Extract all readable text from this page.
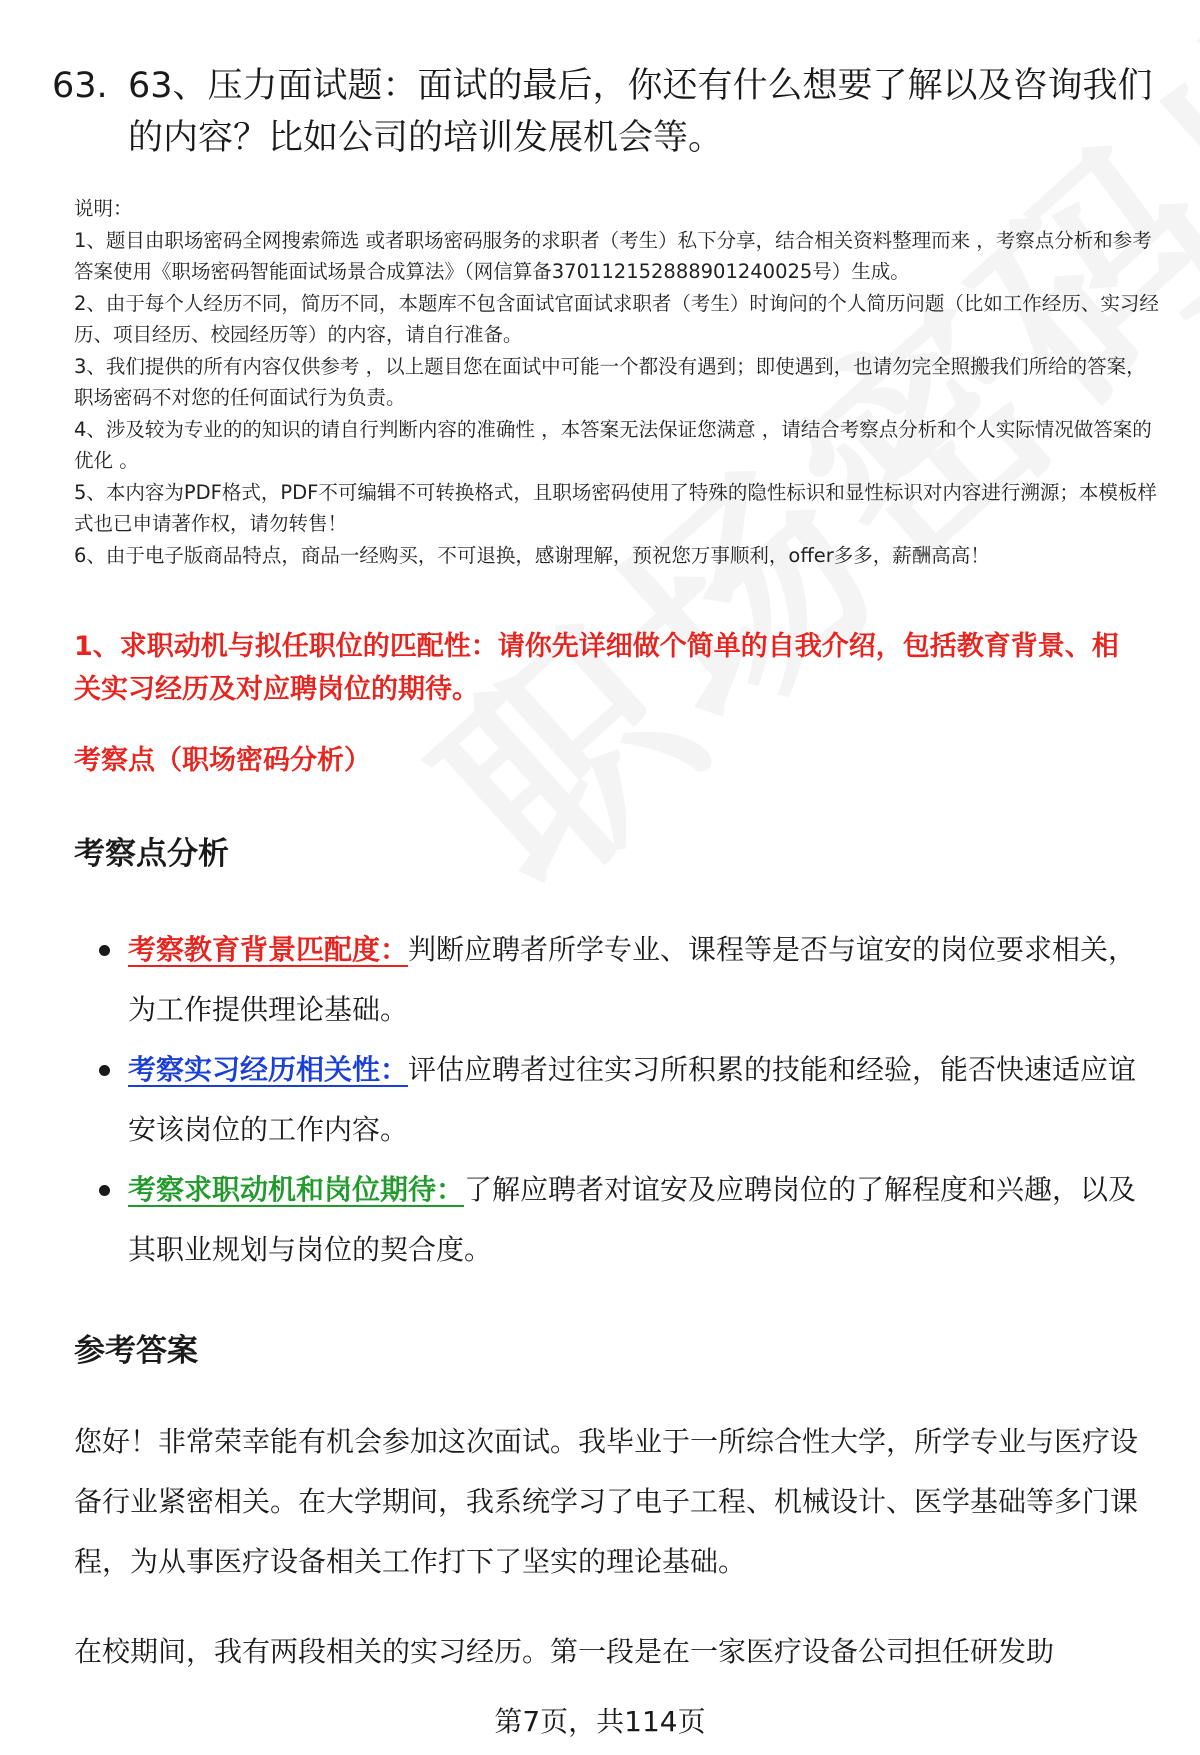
63. 63、压力面试题：面试的最后，你还有什么想要了解以及咨询我们的内容？比如公司的培训发展机会等。

说明：

1、题目由职场密码全网搜索筛选 或者职场密码服务的求职者（考生）私下分享，结合相关资料整理而来 ，考察点分析和参考答案使用《职场密码智能面试场景合成算法》（网信算备370112152888901240025号）生成。

2、由于每个人经历不同，简历不同，本题库不包含面试官面试求职者（考生）时询问的个人简历问题（比如工作经历、实习经历、项目经历、校园经历等）的内容，请自行准备。

3、我们提供的所有内容仅供参考 ，以上题目您在面试中可能一个都没有遇到；即使遇到，也请勿完全照搬我们所给的答案，职场密码不对您的任何面试行为负责。

4、涉及较为专业的的知识的请自行判断内容的准确性 ，本答案无法保证您满意 ，请结合考察点分析和个人实际情况做答案的优化 。

5、本内容为PDF格式，PDF不可编辑不可转换格式，且职场密码使用了特殊的隐性标识和显性标识对内容进行溯源；本模板样式也已申请著作权，请勿转售！

6、由于电子版商品特点，商品一经购买，不可退换，感谢理解，预祝您万事顺利，offer多多，薪酬高高！

1、求职动机与拟任职位的匹配性：请你先详细做个简单的自我介绍，包括教育背景、相关实习经历及对应聘岗位的期待。
考察点（职场密码分析）
考察点分析
考察教育背景匹配度：判断应聘者所学专业、课程等是否与谊安的岗位要求相关，为工作提供理论基础。
考察实习经历相关性：评估应聘者过往实习所积累的技能和经验，能否快速适应谊安该岗位的工作内容。
考察求职动机和岗位期待：了解应聘者对谊安及应聘岗位的了解程度和兴趣，以及其职业规划与岗位的契合度。
参考答案

您好！非常荣幸能有机会参加这次面试。我毕业于一所综合性大学，所学专业与医疗设备行业紧密相关。在大学期间，我系统学习了电子工程、机械设计、医学基础等多门课程，为从事医疗设备相关工作打下了坚实的理论基础。

在校期间，我有两段相关的实习经历。第一段是在一家医疗设备公司担任研发助

第7页，共114页
